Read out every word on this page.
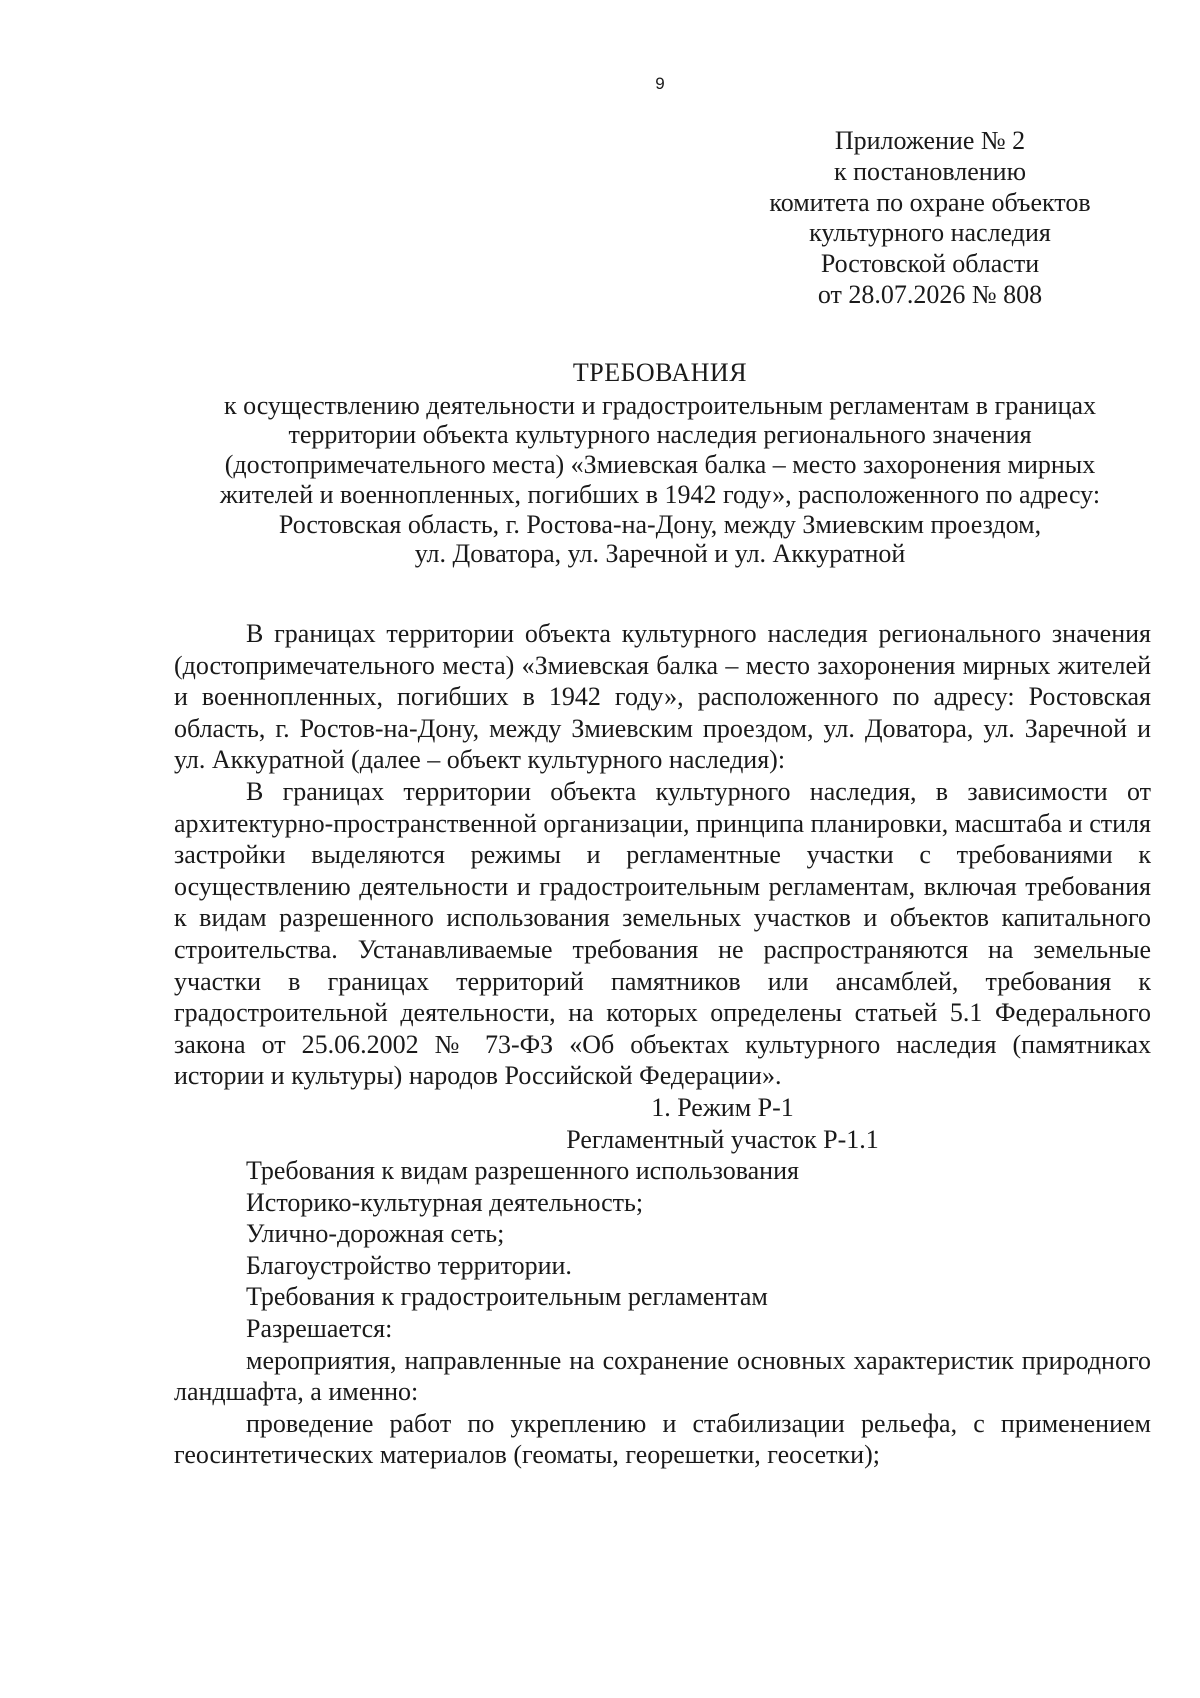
9
Приложение № 2
к постановлению
комитета по охране объектов
культурного наследия
Ростовской области
от 28.07.2026 № 808
ТРЕБОВАНИЯ
к осуществлению деятельности и градостроительным регламентам в границах
территории объекта культурного наследия регионального значения
(достопримечательного места) «Змиевская балка – место захоронения мирных
жителей и военнопленных, погибших в 1942 году», расположенного по адресу:
Ростовская область, г. Ростова-на-Дону, между Змиевским проездом,
ул. Доватора, ул. Заречной и ул. Аккуратной

В границах территории объекта культурного наследия регионального значения (достопримечательного места) «Змиевская балка – место захоронения мирных жителей и военнопленных, погибших в 1942 году», расположенного по адресу: Ростовская область, г. Ростов-на-Дону, между Змиевским проездом, ул. Доватора, ул. Заречной и ул. Аккуратной (далее – объект культурного наследия):

В границах территории объекта культурного наследия, в зависимости от архитектурно-пространственной организации, принципа планировки, масштаба и стиля застройки выделяются режимы и регламентные участки с требованиями к осуществлению деятельности и градостроительным регламентам, включая требования к видам разрешенного использования земельных участков и объектов капитального строительства. Устанавливаемые требования не распространяются на земельные участки в границах территорий памятников или ансамблей, требования к градостроительной деятельности, на которых определены статьей 5.1 Федерального закона от 25.06.2002 № 73-ФЗ «Об объектах культурного наследия (памятниках истории и культуры) народов Российской Федерации».

1. Режим Р-1

Регламентный участок Р-1.1

Требования к видам разрешенного использования

Историко-культурная деятельность;

Улично-дорожная сеть;

Благоустройство территории.

Требования к градостроительным регламентам

Разрешается:

мероприятия, направленные на сохранение основных характеристик природного ландшафта, а именно:

проведение работ по укреплению и стабилизации рельефа, с применением геосинтетических материалов (геоматы, георешетки, геосетки);
